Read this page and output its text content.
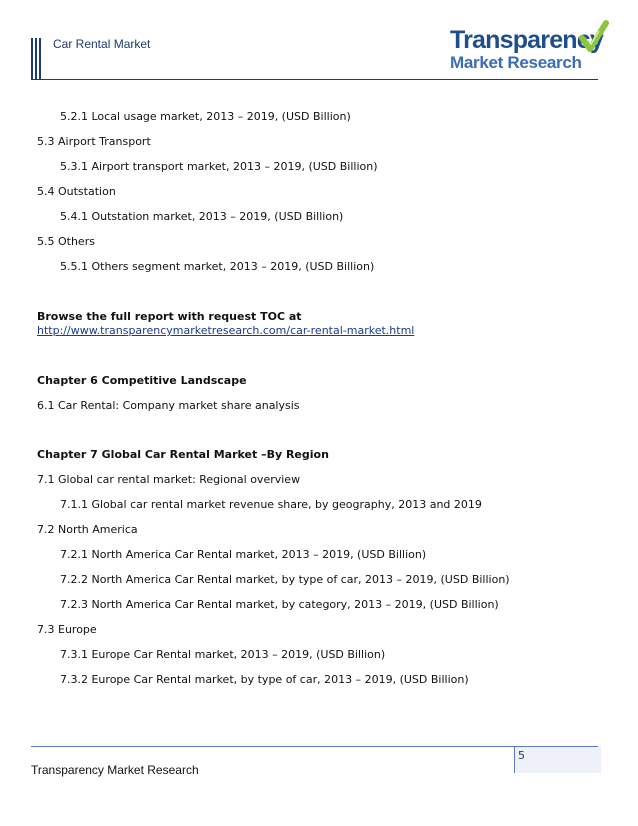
Car Rental Market	Transparency
Market Research
5.2.1 Local usage market, 2013 – 2019, (USD Billion)
5.3 Airport Transport
5.3.1 Airport transport market, 2013 – 2019, (USD Billion)
5.4 Outstation
5.4.1 Outstation market, 2013 – 2019, (USD Billion)
5.5 Others
5.5.1 Others segment market, 2013 – 2019, (USD Billion)
Browse the full report with request TOC at
http://www.transparencymarketresearch.com/car-rental-market.html
Chapter 6 Competitive Landscape
6.1 Car Rental: Company market share analysis
Chapter 7 Global Car Rental Market –By Region
7.1 Global car rental market: Regional overview
7.1.1 Global car rental market revenue share, by geography, 2013 and 2019
7.2 North America
7.2.1 North America Car Rental market, 2013 – 2019, (USD Billion)
7.2.2 North America Car Rental market, by type of car, 2013 – 2019, (USD Billion)
7.2.3 North America Car Rental market, by category, 2013 – 2019, (USD Billion)
7.3 Europe
7.3.1 Europe Car Rental market, 2013 – 2019, (USD Billion)
7.3.2 Europe Car Rental market, by type of car, 2013 – 2019, (USD Billion)
5
Transparency Market Research
